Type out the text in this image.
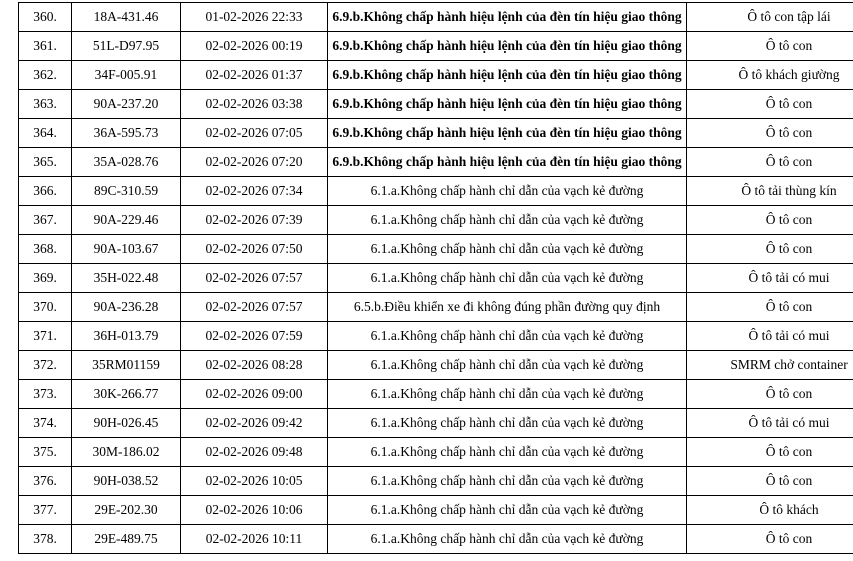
360.	18A-431.46	01-02-2026 22:33	6.9.b.Không chấp hành hiệu lệnh của đèn tín hiệu giao thông	Ô tô con tập lái
361.	51L-D97.95	02-02-2026 00:19	6.9.b.Không chấp hành hiệu lệnh của đèn tín hiệu giao thông	Ô tô con
362.	34F-005.91	02-02-2026 01:37	6.9.b.Không chấp hành hiệu lệnh của đèn tín hiệu giao thông	Ô tô khách giường
363.	90A-237.20	02-02-2026 03:38	6.9.b.Không chấp hành hiệu lệnh của đèn tín hiệu giao thông	Ô tô con
364.	36A-595.73	02-02-2026 07:05	6.9.b.Không chấp hành hiệu lệnh của đèn tín hiệu giao thông	Ô tô con
365.	35A-028.76	02-02-2026 07:20	6.9.b.Không chấp hành hiệu lệnh của đèn tín hiệu giao thông	Ô tô con
366.	89C-310.59	02-02-2026 07:34	6.1.a.Không chấp hành chỉ dẫn của vạch kẻ đường	Ô tô tải thùng kín
367.	90A-229.46	02-02-2026 07:39	6.1.a.Không chấp hành chỉ dẫn của vạch kẻ đường	Ô tô con
368.	90A-103.67	02-02-2026 07:50	6.1.a.Không chấp hành chỉ dẫn của vạch kẻ đường	Ô tô con
369.	35H-022.48	02-02-2026 07:57	6.1.a.Không chấp hành chỉ dẫn của vạch kẻ đường	Ô tô tải có mui
370.	90A-236.28	02-02-2026 07:57	6.5.b.Điều khiển xe đi không đúng phần đường quy định	Ô tô con
371.	36H-013.79	02-02-2026 07:59	6.1.a.Không chấp hành chỉ dẫn của vạch kẻ đường	Ô tô tải có mui
372.	35RM01159	02-02-2026 08:28	6.1.a.Không chấp hành chỉ dẫn của vạch kẻ đường	SMRM chở container
373.	30K-266.77	02-02-2026 09:00	6.1.a.Không chấp hành chỉ dẫn của vạch kẻ đường	Ô tô con
374.	90H-026.45	02-02-2026 09:42	6.1.a.Không chấp hành chỉ dẫn của vạch kẻ đường	Ô tô tải có mui
375.	30M-186.02	02-02-2026 09:48	6.1.a.Không chấp hành chỉ dẫn của vạch kẻ đường	Ô tô con
376.	90H-038.52	02-02-2026 10:05	6.1.a.Không chấp hành chỉ dẫn của vạch kẻ đường	Ô tô con
377.	29E-202.30	02-02-2026 10:06	6.1.a.Không chấp hành chỉ dẫn của vạch kẻ đường	Ô tô khách
378.	29E-489.75	02-02-2026 10:11	6.1.a.Không chấp hành chỉ dẫn của vạch kẻ đường	Ô tô con
